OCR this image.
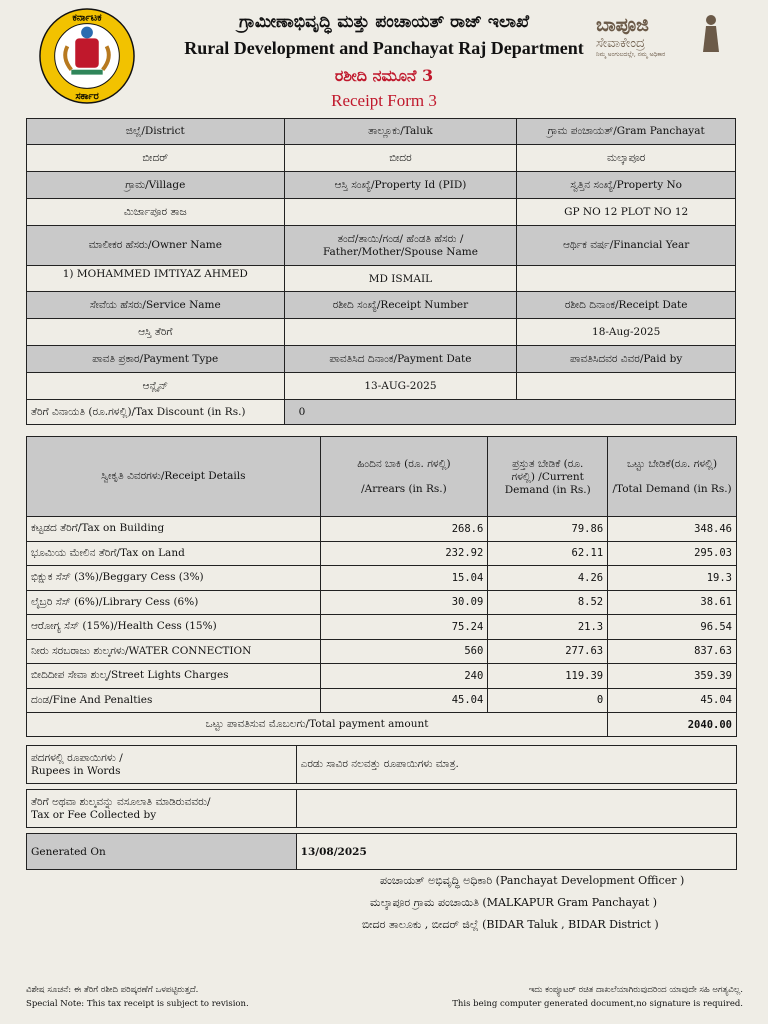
ಕರ್ನಾಟಕ
ಸರ್ಕಾರ
ಬಾಪೂಜಿ
ಸೇವಾಕೇಂದ್ರ
ನಿಮ್ಮ ಅಂಗುಲದಲ್ಲೇ, ನಮ್ಮ ಅಧಿಕಾರ
ಗ್ರಾಮೀಣಾಭಿವೃದ್ಧಿ ಮತ್ತು ಪಂಚಾಯತ್ ರಾಜ್ ಇಲಾಖೆ
Rural Development and Panchayat Raj Department
ರಶೀದಿ ನಮೂನೆ 3
Receipt Form 3
ಜಿಲ್ಲೆ/District	ತಾಲ್ಲೂಕು/Taluk	ಗ್ರಾಮ ಪಂಚಾಯತ್/Gram Panchayat
ಬೀದರ್	ಬೀದರ	ಮಲ್ಕಾಪೂರ
ಗ್ರಾಮ/Village	ಆಸ್ತಿ ಸಂಖ್ಯೆ/Property Id (PID)	ಸ್ವತ್ತಿನ ಸಂಖ್ಯೆ/Property No
ಮಿರ್ಜಾಪೂರ ತಾಜ		GP NO 12 PLOT NO 12
ಮಾಲೀಕರ ಹೆಸರು/Owner Name	ತಂದೆ/ತಾಯಿ/ಗಂಡ/ ಹೆಂಡತಿ ಹೆಸರು /
Father/Mother/Spouse Name	ಆರ್ಥಿಕ ವರ್ಷ/Financial Year
1) MOHAMMED IMTIYAZ AHMED	MD ISMAIL	
ಸೇವೆಯ ಹೆಸರು/Service Name	ರಶೀದಿ ಸಂಖ್ಯೆ/Receipt Number	ರಶೀದಿ ದಿನಾಂಕ/Receipt Date
ಆಸ್ತಿ ತೆರಿಗೆ		18-Aug-2025
ಪಾವತಿ ಪ್ರಕಾರ/Payment Type	ಪಾವತಿಸಿದ ದಿನಾಂಕ/Payment Date	ಪಾವತಿಸಿದವರ ವಿವರ/Paid by
ಆನ್ಲೈನ್	13-AUG-2025	
ತೆರಿಗೆ ವಿನಾಯತಿ (ರೂ.ಗಳಲ್ಲಿ)/Tax Discount (in Rs.)	0	
ಸ್ವೀಕೃತಿ ವಿವರಗಳು/Receipt Details	ಹಿಂದಿನ ಬಾಕಿ (ರೂ. ಗಳಲ್ಲಿ)

/Arrears (in Rs.)	ಪ್ರಸ್ತುತ ಬೇಡಿಕೆ (ರೂ.
ಗಳಲ್ಲಿ) /Current
Demand (in Rs.)	ಒಟ್ಟು ಬೇಡಿಕೆ(ರೂ. ಗಳಲ್ಲಿ)

/Total Demand (in Rs.)
ಕಟ್ಟಡದ ತೆರಿಗೆ/Tax on Building	268.6	79.86	348.46
ಭೂಮಿಯ ಮೇಲಿನ ತೆರಿಗೆ/Tax on Land	232.92	62.11	295.03
ಭಿಕ್ಷುಕ ಸೆಸ್ (3%)/Beggary Cess (3%)	15.04	4.26	19.3
ಲೈಬ್ರರಿ ಸೆಸ್ (6%)/Library Cess (6%)	30.09	8.52	38.61
ಆರೋಗ್ಯ ಸೆಸ್ (15%)/Health Cess (15%)	75.24	21.3	96.54
ನೀರು ಸರಬರಾಜು ಶುಲ್ಕಗಳು/WATER CONNECTION	560	277.63	837.63
ಬೀದಿದೀಪ ಸೇವಾ ಶುಲ್ಕ/Street Lights Charges	240	119.39	359.39
ದಂಡ/Fine And Penalties	45.04	0	45.04
ಒಟ್ಟು ಪಾವತಿಸುವ ಮೊಬಲಗು/Total payment amount			2040.00
ಪದಗಳಲ್ಲಿ ರೂಪಾಯಿಗಳು /
Rupees in Words	ಎರಡು ಸಾವಿರ ನಲವತ್ತು ರೂಪಾಯಿಗಳು ಮಾತ್ರ.

ತೆರಿಗೆ ಅಥವಾ ಶುಲ್ಕವನ್ನು ವಸೂಲಾತಿ ಮಾಡಿರುವವರು/
Tax or Fee Collected by	

Generated On	13/08/2025
ಪಂಚಾಯತ್ ಅಭಿವೃದ್ಧಿ ಅಧಿಕಾರಿ (Panchayat Development Officer )
ಮಲ್ಕಾಪೂರ ಗ್ರಾಮ ಪಂಚಾಯಿತಿ (MALKAPUR Gram Panchayat )
ಬೀದರ ತಾಲೂಕು , ಬೀದರ್ ಜಿಲ್ಲೆ (BIDAR Taluk , BIDAR District )
ವಿಶೇಷ ಸೂಚನೆ: ಈ ತೆರಿಗೆ ರಶೀದಿ ಪರಿಷ್ಕರಣೆಗೆ ಒಳಪಟ್ಟಿರುತ್ತದೆ.
Special Note: This tax receipt is subject to revision.
ಇದು ಕಂಪ್ಯೂಟರ್ ರಚಿತ ದಾಖಲೆಯಾಗಿರುವುದರಿಂದ ಯಾವುದೇ ಸಹಿ ಅಗತ್ಯವಿಲ್ಲ.
This being computer generated document,no signature is required.
